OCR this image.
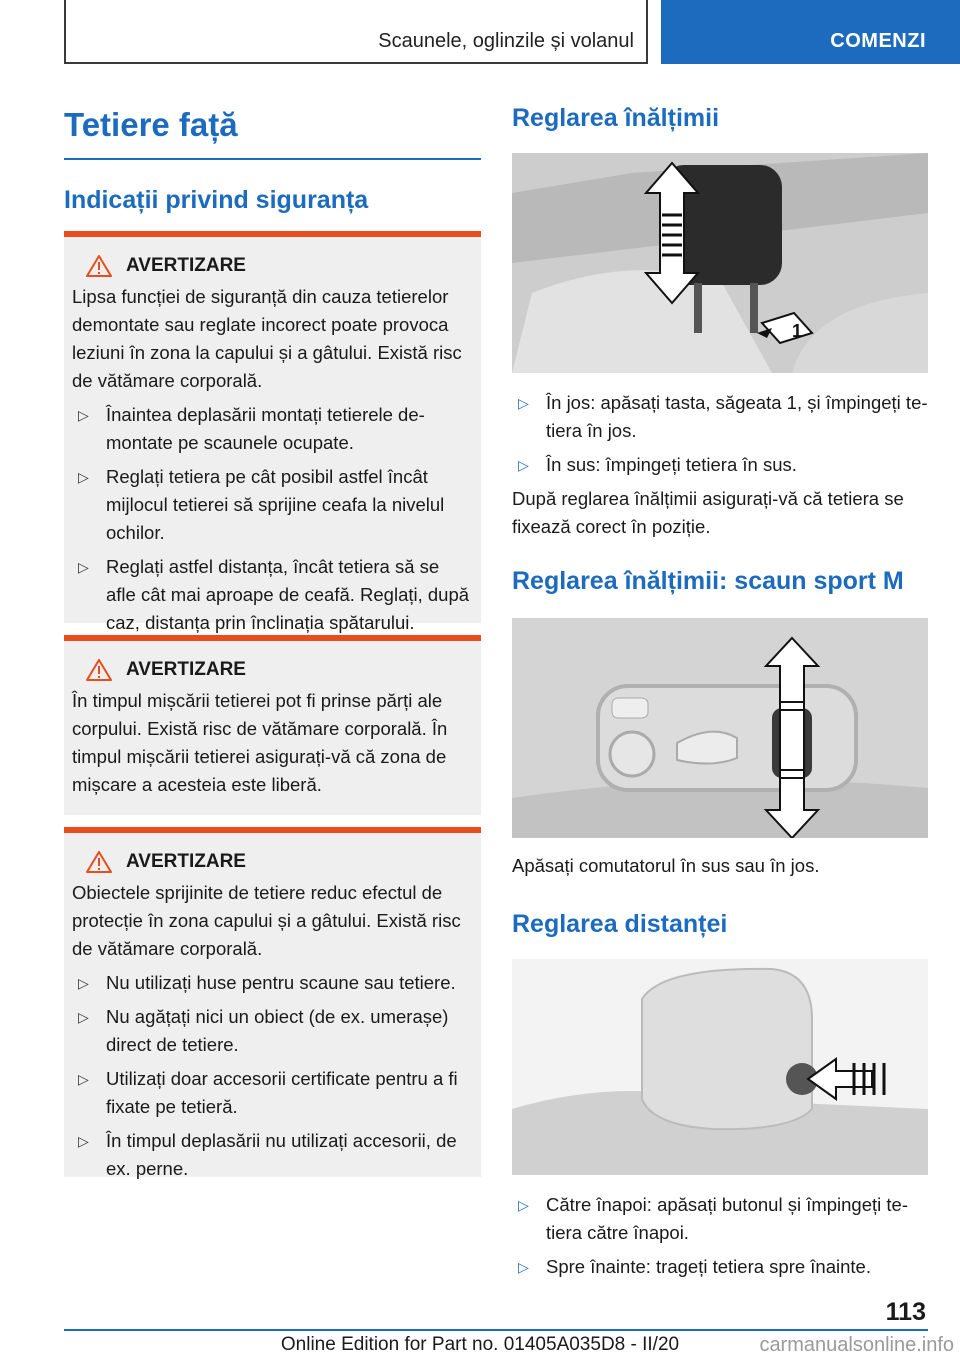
Scaunele, oglinzile și volanul	COMENZI
Tetiere față
Indicații privind siguranța
AVERTIZARE

Lipsa funcției de siguranță din cauza tetierelor demontate sau reglate incorect poate provoca leziuni în zona la capului și a gâtului. Există risc de vătămare corporală.

▷ Înaintea deplasării montați tetierele de-montate pe scaunele ocupate.
▷ Reglați tetiera pe cât posibil astfel încât mijlocul tetierei să sprijine ceafa la nivelul ochilor.
▷ Reglați astfel distanța, încât tetiera să se afle cât mai aproape de ceafă. Reglați, după caz, distanța prin înclinația spătarului.
AVERTIZARE

În timpul mișcării tetierei pot fi prinse părți ale corpului. Există risc de vătămare corporală. În timpul mișcării tetierei asigurați-vă că zona de mișcare a acesteia este liberă.

AVERTIZARE

Obiectele sprijinite de tetiere reduc efectul de protecție în zona capului și a gâtului. Există risc de vătămare corporală.

▷ Nu utilizați huse pentru scaune sau tetiere.
▷ Nu agățați nici un obiect (de ex. umerașe) direct de tetiere.
▷ Utilizați doar accesorii certificate pentru a fi fixate pe tetieră.
▷ În timpul deplasării nu utilizați accesorii, de ex. perne.
Reglarea înălțimii
1
▷ În jos: apăsați tasta, săgeata 1, și împingeți te-tiera în jos.
▷ În sus: împingeți tetiera în sus.

După reglarea înălțimii asigurați-vă că tetiera se fixează corect în poziție.

Reglarea înălțimii: scaun sport M

Apăsați comutatorul în sus sau în jos.

Reglarea distanței
▷ Către înapoi: apăsați butonul și împingeți te-tiera către înapoi.
▷ Spre înainte: trageți tetiera spre înainte.
113
Online Edition for Part no. 01405A035D8 - II/20	carmanualsonline.info
